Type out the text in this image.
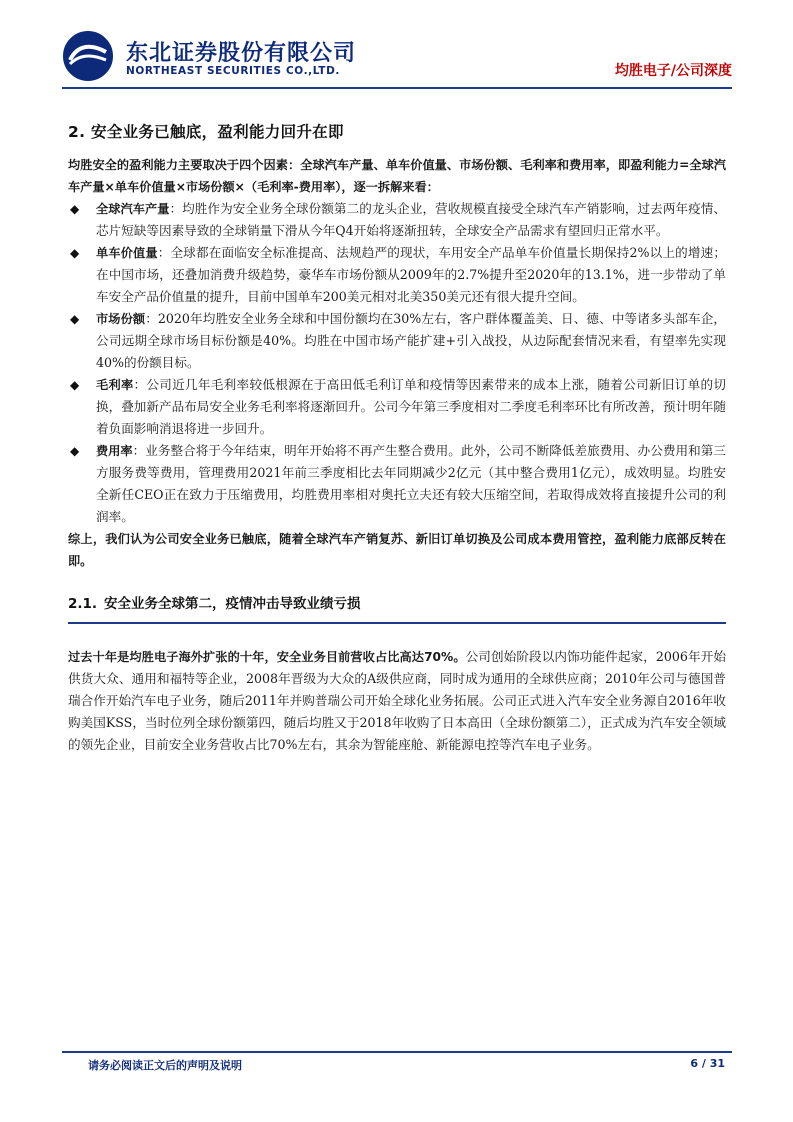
东北证券股份有限公司
NORTHEAST SECURITIES CO.,LTD.	均胜电子/公司深度
2. 安全业务已触底，盈利能力回升在即
均胜安全的盈利能力主要取决于四个因素：全球汽车产量、单车价值量、市场份额、毛利率和费用率，即盈利能力=全球汽车产量×单车价值量×市场份额×（毛利率-费用率），逐一拆解来看：
◆ 全球汽车产量：均胜作为安全业务全球份额第二的龙头企业，营收规模直接受全球汽车产销影响，过去两年疫情、芯片短缺等因素导致的全球销量下滑从今年Q4开始将逐渐扭转，全球安全产品需求有望回归正常水平。
◆ 单车价值量：全球都在面临安全标准提高、法规趋严的现状，车用安全产品单车价值量长期保持2%以上的增速；在中国市场，还叠加消费升级趋势，豪华车市场份额从2009年的2.7%提升至2020年的13.1%，进一步带动了单车安全产品价值量的提升，目前中国单车200美元相对北美350美元还有很大提升空间。
◆ 市场份额：2020年均胜安全业务全球和中国份额均在30%左右，客户群体覆盖美、日、德、中等诸多头部车企，公司远期全球市场目标份额是40%。均胜在中国市场产能扩建+引入战投，从边际配套情况来看，有望率先实现40%的份额目标。
◆ 毛利率：公司近几年毛利率较低根源在于高田低毛利订单和疫情等因素带来的成本上涨，随着公司新旧订单的切换，叠加新产品布局安全业务毛利率将逐渐回升。公司今年第三季度相对二季度毛利率环比有所改善，预计明年随着负面影响消退将进一步回升。
◆ 费用率：业务整合将于今年结束，明年开始将不再产生整合费用。此外，公司不断降低差旅费用、办公费用和第三方服务费等费用，管理费用2021年前三季度相比去年同期减少2亿元（其中整合费用1亿元），成效明显。均胜安全新任CEO正在致力于压缩费用，均胜费用率相对奥托立夫还有较大压缩空间，若取得成效将直接提升公司的利润率。
综上，我们认为公司安全业务已触底，随着全球汽车产销复苏、新旧订单切换及公司成本费用管控，盈利能力底部反转在即。
2.1. 安全业务全球第二，疫情冲击导致业绩亏损
过去十年是均胜电子海外扩张的十年，安全业务目前营收占比高达70%。公司创始阶段以内饰功能件起家，2006年开始供货大众、通用和福特等企业，2008年晋级为大众的A级供应商，同时成为通用的全球供应商；2010年公司与德国普瑞合作开始汽车电子业务，随后2011年并购普瑞公司开始全球化业务拓展。公司正式进入汽车安全业务源自2016年收购美国KSS，当时位列全球份额第四，随后均胜又于2018年收购了日本高田（全球份额第二），正式成为汽车安全领域的领先企业，目前安全业务营收占比70%左右，其余为智能座舱、新能源电控等汽车电子业务。
请务必阅读正文后的声明及说明	6 / 31
